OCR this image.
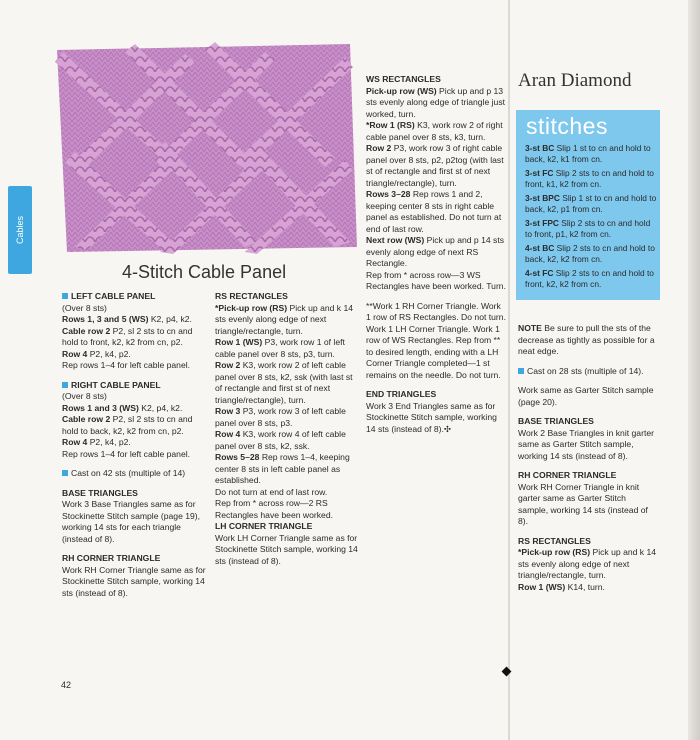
Cables
4-Stitch Cable Panel

LEFT CABLE PANEL

(Over 8 sts)

Rows 1, 3 and 5 (WS) K2, p4, k2.

Cable row 2 P2, sl 2 sts to cn and hold to front, k2, k2 from cn, p2.

Row 4 P2, k4, p2.

Rep rows 1–4 for left cable panel.

RIGHT CABLE PANEL

(Over 8 sts)

Rows 1 and 3 (WS) K2, p4, k2.

Cable row 2 P2, sl 2 sts to cn and hold to back, k2, k2 from cn, p2.

Row 4 P2, k4, p2.

Rep rows 1–4 for left cable panel.

Cast on 42 sts (multiple of 14)

BASE TRIANGLES

Work 3 Base Triangles same as for Stockinette Stitch sample (page 19), working 14 sts for each triangle (instead of 8).

RH CORNER TRIANGLE

Work RH Corner Triangle same as for Stockinette Stitch sample, working 14 sts (instead of 8).

RS RECTANGLES

*Pick-up row (RS) Pick up and k 14 sts evenly along edge of next triangle/rectangle, turn.

Row 1 (WS) P3, work row 1 of left cable panel over 8 sts, p3, turn.

Row 2 K3, work row 2 of left cable panel over 8 sts, k2, ssk (with last st of rectangle and first st of next triangle/rectangle), turn.

Row 3 P3, work row 3 of left cable panel over 8 sts, p3.

Row 4 K3, work row 4 of left cable panel over 8 sts, k2, ssk.

Rows 5–28 Rep rows 1–4, keeping center 8 sts in left cable panel as established.

Do not turn at end of last row.

Rep from * across row—2 RS Rectangles have been worked.

LH CORNER TRIANGLE

Work LH Corner Triangle same as for Stockinette Stitch sample, working 14 sts (instead of 8).

WS RECTANGLES

Pick-up row (WS) Pick up and p 13 sts evenly along edge of triangle just worked, turn.

*Row 1 (RS) K3, work row 2 of right cable panel over 8 sts, k3, turn.

Row 2 P3, work row 3 of right cable panel over 8 sts, p2, p2tog (with last st of rectangle and first st of next triangle/rectangle), turn.

Rows 3–28 Rep rows 1 and 2, keeping center 8 sts in right cable panel as established. Do not turn at end of last row.

Next row (WS) Pick up and p 14 sts evenly along edge of next RS Rectangle.

Rep from * across row—3 WS Rectangles have been worked. Turn.

**Work 1 RH Corner Triangle. Work 1 row of RS Rectangles. Do not turn.

Work 1 LH Corner Triangle. Work 1 row of WS Rectangles. Rep from ** to desired length, ending with a LH Corner Triangle completed—1 st remains on the needle. Do not turn.

END TRIANGLES

Work 3 End Triangles same as for Stockinette Stitch sample, working 14 sts (instead of 8).✣

Aran Diamond
stitches

3-st BC Slip 1 st to cn and hold to back, k2, k1 from cn.

3-st FC Slip 2 sts to cn and hold to front, k1, k2 from cn.

3-st BPC Slip 1 st to cn and hold to back, k2, p1 from cn.

3-st FPC Slip 2 sts to cn and hold to front, p1, k2 from cn.

4-st BC Slip 2 sts to cn and hold to back, k2, k2 from cn.

4-st FC Slip 2 sts to cn and hold to front, k2, k2 from cn.

NOTE Be sure to pull the sts of the decrease as tightly as possible for a neat edge.

Cast on 28 sts (multiple of 14).

Work same as Garter Stitch sample (page 20).

BASE TRIANGLES

Work 2 Base Triangles in knit garter same as Garter Stitch sample, working 14 sts (instead of 8).

RH CORNER TRIANGLE

Work RH Corner Triangle in knit garter same as Garter Stitch sample, working 14 sts (instead of 8).

RS RECTANGLES

*Pick-up row (RS) Pick up and k 14 sts evenly along edge of next triangle/rectangle, turn.

Row 1 (WS) K14, turn.

42
